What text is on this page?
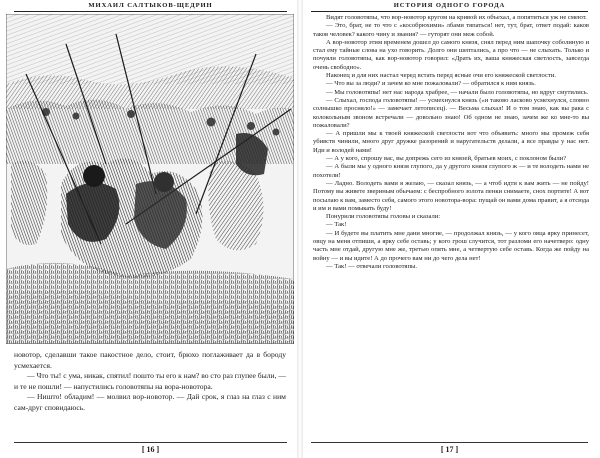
МИХАИЛ САЛТЫКОВ-ЩЕДРИН

новотор, сделавши такое пакостное дело, стоит, брюхо поглаживает да в бороду усмехается.

— Что ты! с ума, никак, спятил! пошто ты его к нам? во сто раз глупее были, — и те не пошли! — напустились головотяпы на вора-новотора.

— Ништо! обладим! — молвил вор-новотор. — Дай срок, я глаз на глаз с ним сам-друг сповидаюсь.

[ 16 ]
ИСТОРИЯ ОДНОГО ГОРОДА

Видят головотяпы, что вор-новотор кругом на кривой их объехал, а попятиться уж не смеют.

— Это, брат, не то что с «кособрюхими» лбами тяпаться! нет, тут, брат, ответ подай: каков таков человек? какого чину и звания? — гуторят они меж собой.

А вор-новотор этим временем дошел до самого князя, снял перед ним шапочку соболиную и стал ему тайные слова на ухо говорить. Долго они шептались, а про что — не слыхать. Только и почуяли головотяпы, как вор-новотор говорил: «Драть их, ваша княжеская светлость, завсегда очень свободно».

Наконец и для них настал черед встать перед ясные очи его княжеской светлости.

— Что вы за люди? и зачем ко мне пожаловали? — обратился к ним князь.

— Мы головотяпы! нет нас народа храбрее, — начали было головотяпы, но вдруг смутились.

— Слыхал, господа головотяпы! — усмехнулся князь («и таково ласково усмехнулся, словно солнышко просияло!» — замечает летописец). — Весьма слыхал! И о том знаю, как вы рака с колокольным звоном встречали — довольно знаю! Об одном не знаю, зачем же ко мне-то вы пожаловали?

— А пришли мы к твоей княжеской светлости вот что объявить: много мы промеж себя убивств чинили, много друг дружке разорений и наругательств делали, а все правды у нас нет. Иди и володей нами!

— А у кого, спрошу вас, вы допрежь сего из князей, братьев моих, с поклоном были?

— А были мы у одного князя глупого, да у другого князя глупого ж — и те володеть нами не похотели!

— Ладно. Володеть вами я желаю, — сказал князь, — а чтоб идти к вам жить — не пойду! Потому вы живете звериным обычаем: с беспробного золота пенки снимаете, снох портите! А вот посылаю к вам, заместо себя, самого этого новотора-вора: пущай он вами дома правит, а я отсюда и им и вами помыкать буду!

Понурили головотяпы головы и сказали:

— Так!

— И будете вы платить мне дани многие, — продолжал князь, — у кого овца ярку принесет, овцу на меня отпиши, а ярку себе оставь; у кого грош случится, тот разломи его начетверо: одну часть мне отдай, другую мне же, третью опять мне, а четвертую себе оставь. Когда же пойду на войну — и вы идите! А до прочего вам ни до чего дела нет!

— Так! — отвечали головотяпы.

[ 17 ]
